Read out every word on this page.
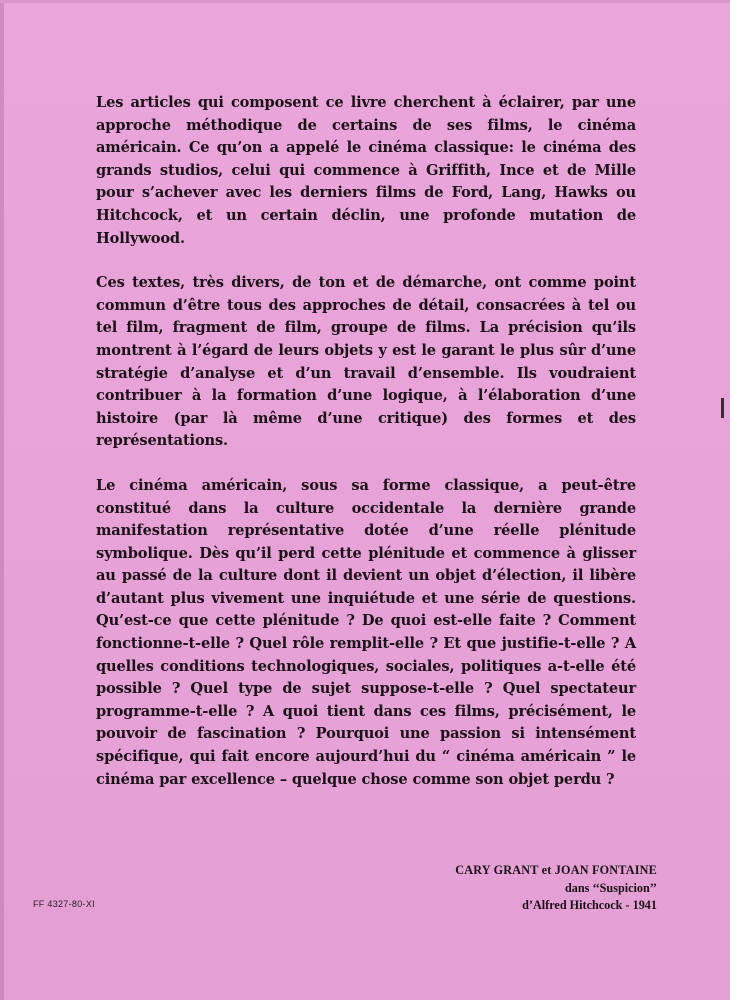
Les articles qui composent ce livre cherchent à éclairer, par une approche méthodique de certains de ses films, le cinéma américain. Ce qu’on a appelé le cinéma classique: le cinéma des grands studios, celui qui commence à Griffith, Ince et de Mille pour s’achever avec les derniers films de Ford, Lang, Hawks ou Hitchcock, et un certain déclin, une profonde mutation de Hollywood.

Ces textes, très divers, de ton et de démarche, ont comme point commun d’être tous des approches de détail, consacrées à tel ou tel film, fragment de film, groupe de films. La précision qu’ils montrent à l’égard de leurs objets y est le garant le plus sûr d’une stratégie d’analyse et d’un travail d’ensemble. Ils voudraient contribuer à la formation d’une logique, à l’élaboration d’une histoire (par là même d’une critique) des formes et des représentations.

Le cinéma américain, sous sa forme classique, a peut-être constitué dans la culture occidentale la dernière grande manifestation représentative dotée d’une réelle plénitude symbolique. Dès qu’il perd cette plénitude et commence à glisser au passé de la culture dont il devient un objet d’élection, il libère d’autant plus vivement une inquiétude et une série de questions. Qu’est-ce que cette plénitude ? De quoi est-elle faite ? Comment fonctionne-t-elle ? Quel rôle remplit-elle ? Et que justifie-t-elle ? A quelles conditions technologiques, sociales, politiques a-t-elle été possible ? Quel type de sujet suppose-t-elle ? Quel spectateur programme-t-elle ? A quoi tient dans ces films, précisément, le pouvoir de fascination ? Pourquoi une passion si intensément spécifique, qui fait encore aujourd’hui du “ cinéma américain ” le cinéma par excellence – quelque chose comme son objet perdu ?

CARY GRANT et JOAN FONTAINE
dans ‘‘Suspicion’’
d’Alfred Hitchcock - 1941
FF 4327-80-XI
